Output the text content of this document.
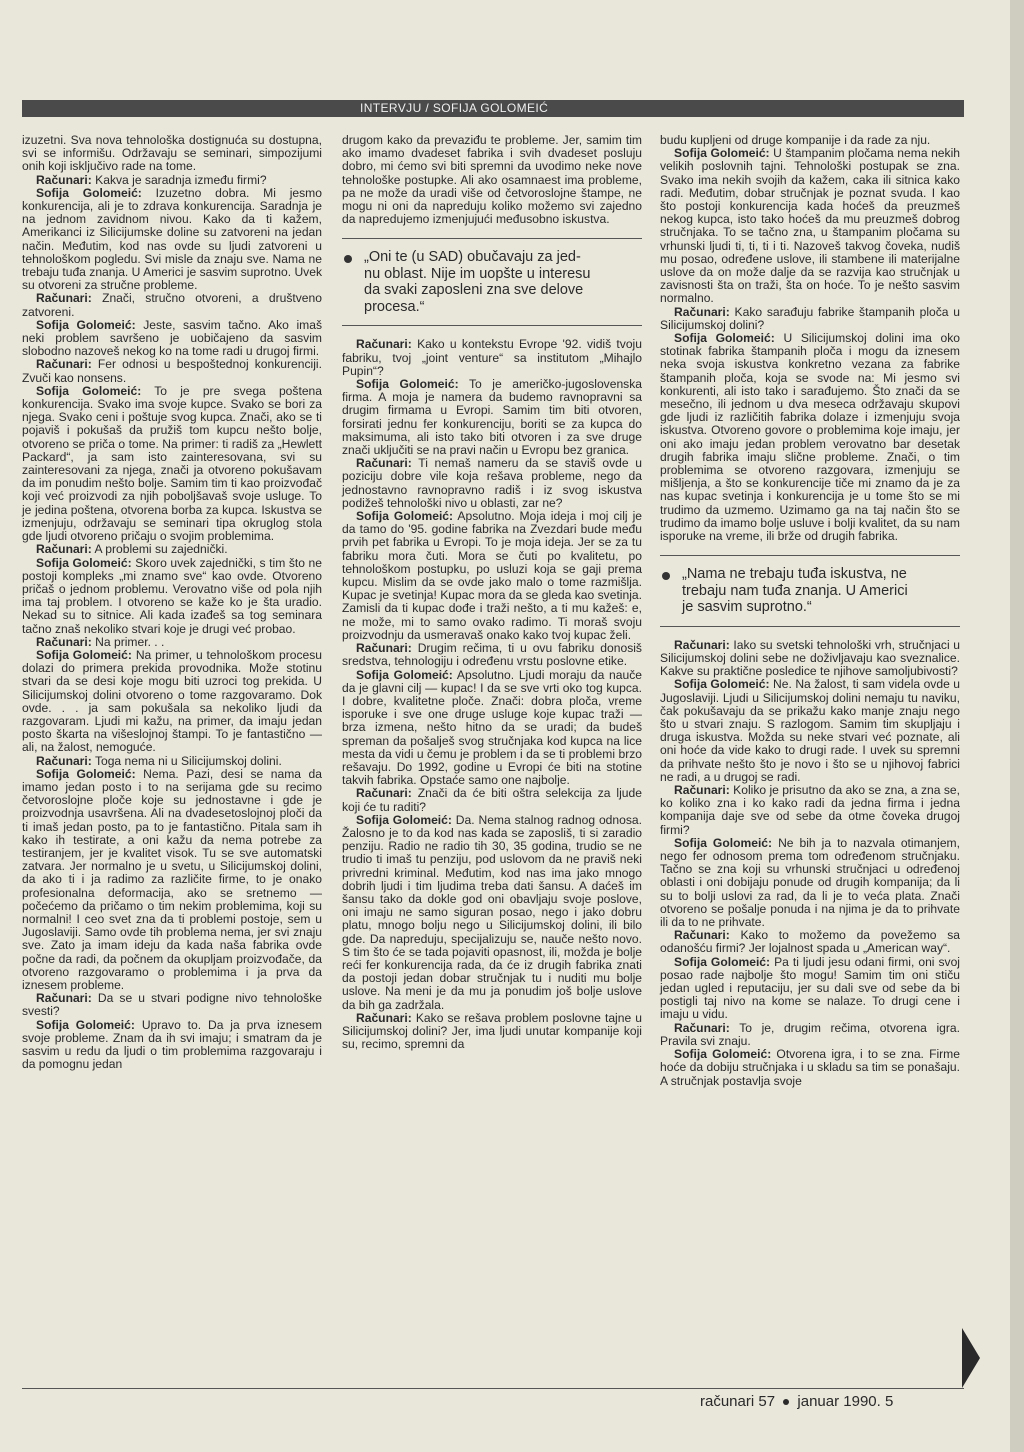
INTERVJU / SOFIJA GOLOMEIĆ

izuzetni. Sva nova tehnološka dostignuća su dostupna, svi se informišu. Održavaju se seminari, simpozijumi onih koji isključivo rade na tome.

Računari: Kakva je saradnja između firmi?

Sofija Golomeić: Izuzetno dobra. Mi jesmo konkurencija, ali je to zdrava konkurencija. Saradnja je na jednom zavidnom nivou. Kako da ti kažem, Amerikanci iz Silicijumske doline su zatvoreni na jedan način. Međutim, kod nas ovde su ljudi zatvoreni u tehnološkom pogledu. Svi misle da znaju sve. Nama ne trebaju tuđa znanja. U Americi je sasvim suprotno. Uvek su otvoreni za stručne probleme.

Računari: Znači, stručno otvoreni, a društveno zatvoreni.

Sofija Golomeić: Jeste, sasvim tačno. Ako imaš neki problem savršeno je uobičajeno da sasvim slobodno nazoveš nekog ko na tome radi u drugoj firmi.

Računari: Fer odnosi u bespoštednoj konkurenciji. Zvuči kao nonsens.

Sofija Golomeić: To je pre svega poštena konkurencija. Svako ima svoje kupce. Svako se bori za njega. Svako ceni i poštuje svog kupca. Znači, ako se ti pojaviš i pokušaš da pružiš tom kupcu nešto bolje, otvoreno se priča o tome. Na primer: ti radiš za „Hewlett Packard“, ja sam isto zainteresovana, svi su zainteresovani za njega, znači ja otvoreno pokušavam da im ponudim nešto bolje. Samim tim ti kao proizvođač koji već proizvodi za njih poboljšavaš svoje usluge. To je jedina poštena, otvorena borba za kupca. Iskustva se izmenjuju, održavaju se seminari tipa okruglog stola gde ljudi otvoreno pričaju o svojim problemima.

Računari: A problemi su zajednički.

Sofija Golomeić: Skoro uvek zajednički, s tim što ne postoji kompleks „mi znamo sve“ kao ovde. Otvoreno pričaš o jednom problemu. Verovatno više od pola njih ima taj problem. I otvoreno se kaže ko je šta uradio. Nekad su to sitnice. Ali kada izađeš sa tog seminara tačno znaš nekoliko stvari koje je drugi već probao.

Računari: Na primer. . .

Sofija Golomeić: Na primer, u tehnološkom procesu dolazi do primera prekida provodnika. Može stotinu stvari da se desi koje mogu biti uzroci tog prekida. U Silicijumskoj dolini otvoreno o tome razgovaramo. Dok ovde. . . ja sam pokušala sa nekoliko ljudi da razgovaram. Ljudi mi kažu, na primer, da imaju jedan posto škarta na višeslojnoj štampi. To je fantastično — ali, na žalost, nemoguće.

Računari: Toga nema ni u Silicijumskoj dolini.

Sofija Golomeić: Nema. Pazi, desi se nama da imamo jedan posto i to na serijama gde su recimo četvoroslojne ploče koje su jednostavne i gde je proizvodnja usavršena. Ali na dvadesetoslojnoj ploči da ti imaš jedan posto, pa to je fantastično. Pitala sam ih kako ih testirate, a oni kažu da nema potrebe za testiranjem, jer je kvalitet visok. Tu se sve automatski zatvara. Jer normalno je u svetu, u Silicijumskoj dolini, da ako ti i ja radimo za različite firme, to je onako profesionalna deformacija, ako se sretnemo — počećemo da pričamo o tim nekim problemima, koji su normalni! I ceo svet zna da ti problemi postoje, sem u Jugoslaviji. Samo ovde tih problema nema, jer svi znaju sve. Zato ja imam ideju da kada naša fabrika ovde počne da radi, da počnem da okupljam proizvođače, da otvoreno razgovaramo o problemima i ja prva da iznesem probleme.

Računari: Da se u stvari podigne nivo tehnološke svesti?

Sofija Golomeić: Upravo to. Da ja prva iznesem svoje probleme. Znam da ih svi imaju; i smatram da je sasvim u redu da ljudi o tim problemima razgovaraju i da pomognu jedan

drugom kako da prevaziđu te probleme. Jer, samim tim ako imamo dvadeset fabrika i svih dvadeset posluju dobro, mi ćemo svi biti spremni da uvodimo neke nove tehnološke postupke. Ali ako osamnaest ima probleme, pa ne može da uradi više od četvoroslojne štampe, ne mogu ni oni da napreduju koliko možemo svi zajedno da napredujemo izmenjujući međusobno iskustva.

„Oni te (u SAD) obučavaju za jed-
nu oblast. Nije im uopšte u interesu
da svaki zaposleni zna sve delove
procesa.“

Računari: Kako u kontekstu Evrope '92. vidiš tvoju fabriku, tvoj „joint venture“ sa institutom „Mihajlo Pupin“?

Sofija Golomeić: To je američko-jugoslovenska firma. A moja je namera da budemo ravnopravni sa drugim firmama u Evropi. Samim tim biti otvoren, forsirati jednu fer konkurenciju, boriti se za kupca do maksimuma, ali isto tako biti otvoren i za sve druge znači uključiti se na pravi način u Evropu bez granica.

Računari: Ti nemaš nameru da se staviš ovde u poziciju dobre vile koja rešava probleme, nego da jednostavno ravnopravno radiš i iz svog iskustva podižeš tehnološki nivo u oblasti, zar ne?

Sofija Golomeić: Apsolutno. Moja ideja i moj cilj je da tamo do '95. godine fabrika na Zvezdari bude među prvih pet fabrika u Evropi. To je moja ideja. Jer se za tu fabriku mora čuti. Mora se čuti po kvalitetu, po tehnološkom postupku, po usluzi koja se gaji prema kupcu. Mislim da se ovde jako malo o tome razmišlja. Kupac je svetinja! Kupac mora da se gleda kao svetinja. Zamisli da ti kupac dođe i traži nešto, a ti mu kažeš: e, ne može, mi to samo ovako radimo. Ti moraš svoju proizvodnju da usmeravaš onako kako tvoj kupac želi.

Računari: Drugim rečima, ti u ovu fabriku donosiš sredstva, tehnologiju i određenu vrstu poslovne etike.

Sofija Golomeić: Apsolutno. Ljudi moraju da nauče da je glavni cilj — kupac! I da se sve vrti oko tog kupca. I dobre, kvalitetne ploče. Znači: dobra ploča, vreme isporuke i sve one druge usluge koje kupac traži — brza izmena, nešto hitno da se uradi; da budeš spreman da pošalješ svog stručnjaka kod kupca na lice mesta da vidi u čemu je problem i da se ti problemi brzo rešavaju. Do 1992, godine u Evropi će biti na stotine takvih fabrika. Opstaće samo one najbolje.

Računari: Znači da će biti oštra selekcija za ljude koji će tu raditi?

Sofija Golomeić: Da. Nema stalnog radnog odnosa. Žalosno je to da kod nas kada se zaposliš, ti si zaradio penziju. Radio ne radio tih 30, 35 godina, trudio se ne trudio ti imaš tu penziju, pod uslovom da ne praviš neki privredni kriminal. Međutim, kod nas ima jako mnogo dobrih ljudi i tim ljudima treba dati šansu. A daćeš im šansu tako da dokle god oni obavljaju svoje poslove, oni imaju ne samo siguran posao, nego i jako dobru platu, mnogo bolju nego u Silicijumskoj dolini, ili bilo gde. Da napreduju, specijalizuju se, nauče nešto novo. S tim što će se tada pojaviti opasnost, ili, možda je bolje reći fer konkurencija rada, da će iz drugih fabrika znati da postoji jedan dobar stručnjak tu i nuditi mu bolje uslove. Na meni je da mu ja ponudim još bolje uslove da bih ga zadržala.

Računari: Kako se rešava problem poslovne tajne u Silicijumskoj dolini? Jer, ima ljudi unutar kompanije koji su, recimo, spremni da

budu kupljeni od druge kompanije i da rade za nju.

Sofija Golomeić: U štampanim pločama nema nekih velikih poslovnih tajni. Tehnološki postupak se zna. Svako ima nekih svojih da kažem, caka ili sitnica kako radi. Međutim, dobar stručnjak je poznat svuda. I kao što postoji konkurencija kada hoćeš da preuzmeš nekog kupca, isto tako hoćeš da mu preuzmeš dobrog stručnjaka. To se tačno zna, u štampanim pločama su vrhunski ljudi ti, ti, ti i ti. Nazoveš takvog čoveka, nudiš mu posao, određene uslove, ili stambene ili materijalne uslove da on može dalje da se razvija kao stručnjak u zavisnosti šta on traži, šta on hoće. To je nešto sasvim normalno.

Računari: Kako sarađuju fabrike štampanih ploča u Silicijumskoj dolini?

Sofija Golomeić: U Silicijumskoj dolini ima oko stotinak fabrika štampanih ploča i mogu da iznesem neka svoja iskustva konkretno vezana za fabrike štampanih ploča, koja se svode na: Mi jesmo svi konkurenti, ali isto tako i sarađujemo. Što znači da se mesečno, ili jednom u dva meseca održavaju skupovi gde ljudi iz različitih fabrika dolaze i izmenjuju svoja iskustva. Otvoreno govore o problemima koje imaju, jer oni ako imaju jedan problem verovatno bar desetak drugih fabrika imaju slične probleme. Znači, o tim problemima se otvoreno razgovara, izmenjuju se mišljenja, a što se konkurencije tiče mi znamo da je za nas kupac svetinja i konkurencija je u tome što se mi trudimo da uzmemo. Uzimamo ga na taj način što se trudimo da imamo bolje usluve i bolji kvalitet, da su nam isporuke na vreme, ili brže od drugih fabrika.

„Nama ne trebaju tuđa iskustva, ne
trebaju nam tuđa znanja. U Americi
je sasvim suprotno.“

Računari: Iako su svetski tehnološki vrh, stručnjaci u Silicijumskoj dolini sebe ne doživljavaju kao sveznalice. Kakve su praktične posledice te njihove samoljubivosti?

Sofija Golomeić: Ne. Na žalost, ti sam videla ovde u Jugoslaviji. Ljudi u Silicijumskoj dolini nemaju tu naviku, čak pokušavaju da se prikažu kako manje znaju nego što u stvari znaju. S razlogom. Samim tim skupljaju i druga iskustva. Možda su neke stvari već poznate, ali oni hoće da vide kako to drugi rade. I uvek su spremni da prihvate nešto što je novo i što se u njihovoj fabrici ne radi, a u drugoj se radi.

Računari: Koliko je prisutno da ako se zna, a zna se, ko koliko zna i ko kako radi da jedna firma i jedna kompanija daje sve od sebe da otme čoveka drugoj firmi?

Sofija Golomeić: Ne bih ja to nazvala otimanjem, nego fer odnosom prema tom određenom stručnjaku. Tačno se zna koji su vrhunski stručnjaci u određenoj oblasti i oni dobijaju ponude od drugih kompanija; da li su to bolji uslovi za rad, da li je to veća plata. Znači otvoreno se pošalje ponuda i na njima je da to prihvate ili da to ne prihvate.

Računari: Kako to možemo da povežemo sa odanošću firmi? Jer lojalnost spada u „American way“.

Sofija Golomeić: Pa ti ljudi jesu odani firmi, oni svoj posao rade najbolje što mogu! Samim tim oni stiču jedan ugled i reputaciju, jer su dali sve od sebe da bi postigli taj nivo na kome se nalaze. To drugi cene i imaju u vidu.

Računari: To je, drugim rečima, otvorena igra. Pravila svi znaju.

Sofija Golomeić: Otvorena igra, i to se zna. Firme hoće da dobiju stručnjaka i u skladu sa tim se ponašaju. A stručnjak postavlja svoje

računari 57 januar 1990. 5
